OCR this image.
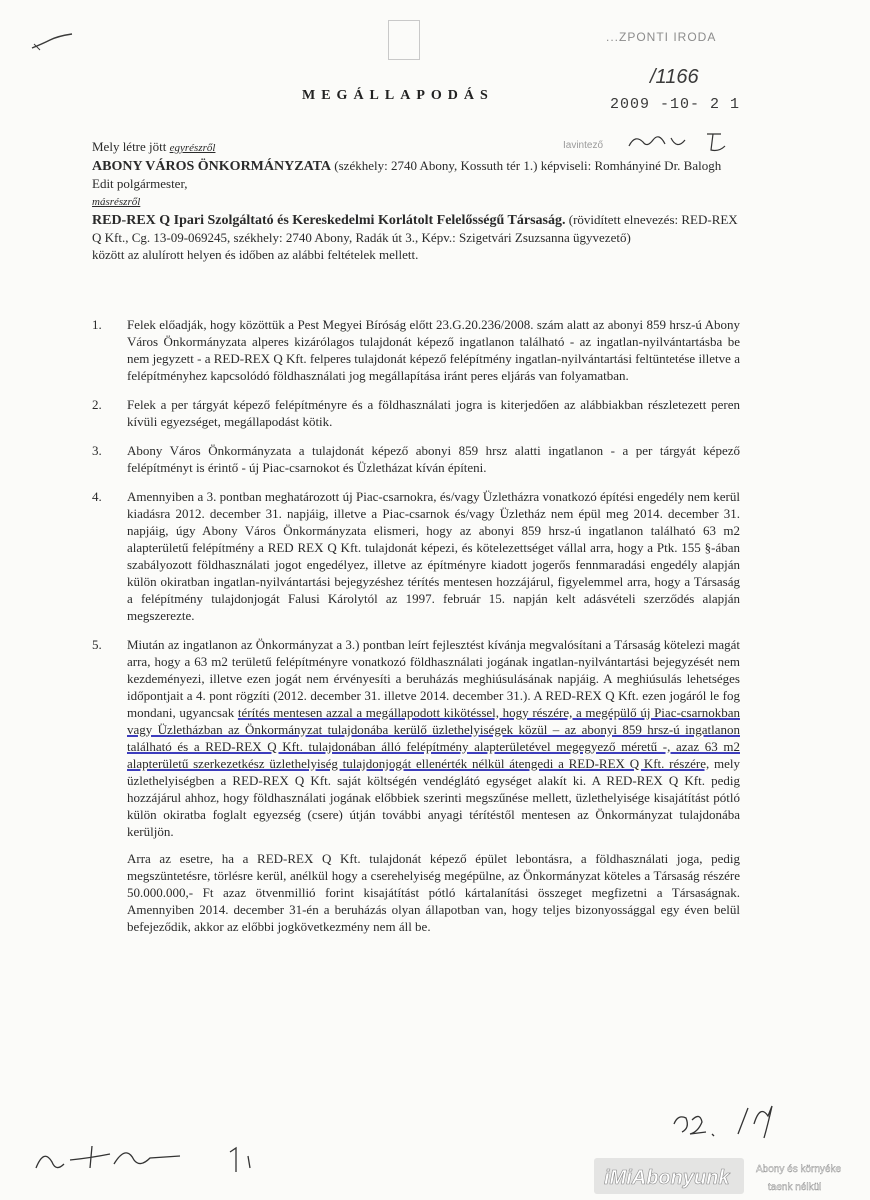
...ZPONTI IRODA
/1166
2009 -10- 2 1
Iavintező
MEGÁLLAPODÁS

Mely létre jött egyrészről

ABONY VÁROS ÖNKORMÁNYZATA (székhely: 2740 Abony, Kossuth tér 1.) képviseli: Romhányiné Dr. Balogh Edit polgármester,

másrészről

RED-REX Q Ipari Szolgáltató és Kereskedelmi Korlátolt Felelősségű Társaság. (rövidített elnevezés: RED-REX Q Kft., Cg. 13-09-069245, székhely: 2740 Abony, Radák út 3., Képv.: Szigetvári Zsuzsanna ügyvezető)

között az alulírott helyen és időben az alábbi feltételek mellett.

1. Felek előadják, hogy közöttük a Pest Megyei Bíróság előtt 23.G.20.236/2008. szám alatt az abonyi 859 hrsz-ú Abony Város Önkormányzata alperes kizárólagos tulajdonát képező ingatlanon található - az ingatlan-nyilvántartásba be nem jegyzett - a RED-REX Q Kft. felperes tulajdonát képező felépítmény ingatlan-nyilvántartási feltüntetése illetve a felépítményhez kapcsolódó földhasználati jog megállapítása iránt peres eljárás van folyamatban.

2. Felek a per tárgyát képező felépítményre és a földhasználati jogra is kiterjedően az alábbiakban részletezett peren kívüli egyezséget, megállapodást kötik.

3. Abony Város Önkormányzata a tulajdonát képező abonyi 859 hrsz alatti ingatlanon - a per tárgyát képező felépítményt is érintő - új Piac-csarnokot és Üzletházat kíván építeni.

4. Amennyiben a 3. pontban meghatározott új Piac-csarnokra, és/vagy Üzletházra vonatkozó építési engedély nem kerül kiadásra 2012. december 31. napjáig, illetve a Piac-csarnok és/vagy Üzletház nem épül meg 2014. december 31. napjáig, úgy Abony Város Önkormányzata elismeri, hogy az abonyi 859 hrsz-ú ingatlanon található 63 m2 alapterületű felépítmény a RED REX Q Kft. tulajdonát képezi, és kötelezettséget vállal arra, hogy a Ptk. 155 §-ában szabályozott földhasználati jogot engedélyez, illetve az építményre kiadott jogerős fennmaradási engedély alapján külön okiratban ingatlan-nyilvántartási bejegyzéshez térítés mentesen hozzájárul, figyelemmel arra, hogy a Társaság a felépítmény tulajdonjogát Falusi Károlytól az 1997. február 15. napján kelt adásvételi szerződés alapján megszerezte.

5. Miután az ingatlanon az Önkormányzat a 3.) pontban leírt fejlesztést kívánja megvalósítani a Társaság kötelezi magát arra, hogy a 63 m2 területű felépítményre vonatkozó földhasználati jogának ingatlan-nyilvántartási bejegyzését nem kezdeményezi, illetve ezen jogát nem érvényesíti a beruházás meghiúsulásának napjáig. A meghiúsulás lehetséges időpontjait a 4. pont rögzíti (2012. december 31. illetve 2014. december 31.). A RED-REX Q Kft. ezen jogáról le fog mondani, ugyancsak térítés mentesen azzal a megállapodott kikötéssel, hogy részére, a megépülő új Piac-csarnokban vagy Üzletházban az Önkormányzat tulajdonába kerülő üzlethelyiségek közül – az abonyi 859 hrsz-ú ingatlanon található és a RED-REX Q Kft. tulajdonában álló felépítmény alapterületével megegyező méretű -, azaz 63 m2 alapterületű szerkezetkész üzlethelyiség tulajdonjogát ellenérték nélkül átengedi a RED-REX Q Kft. részére, mely üzlethelyiségben a RED-REX Q Kft. saját költségén vendéglátó egységet alakít ki. A RED-REX Q Kft. pedig hozzájárul ahhoz, hogy földhasználati jogának előbbiek szerinti megszűnése mellett, üzlethelyisége kisajátítást pótló külön okiratba foglalt egyezség (csere) útján további anyagi térítéstől mentesen az Önkormányzat tulajdonába kerüljön.

Arra az esetre, ha a RED-REX Q Kft. tulajdonát képező épület lebontásra, a földhasználati joga, pedig megszüntetésre, törlésre kerül, anélkül hogy a cserehelyiség megépülne, az Önkormányzat köteles a Társaság részére 50.000.000,- Ft azaz ötvenmillió forint kisajátítást pótló kártalanítási összeget megfizetni a Társaságnak. Amennyiben 2014. december 31-én a beruházás olyan állapotban van, hogy teljes bizonyossággal egy éven belül befejeződik, akkor az előbbi jogkövetkezmény nem áll be.

iMiAbonyunk	Abony és környéke
taenk nélkül
